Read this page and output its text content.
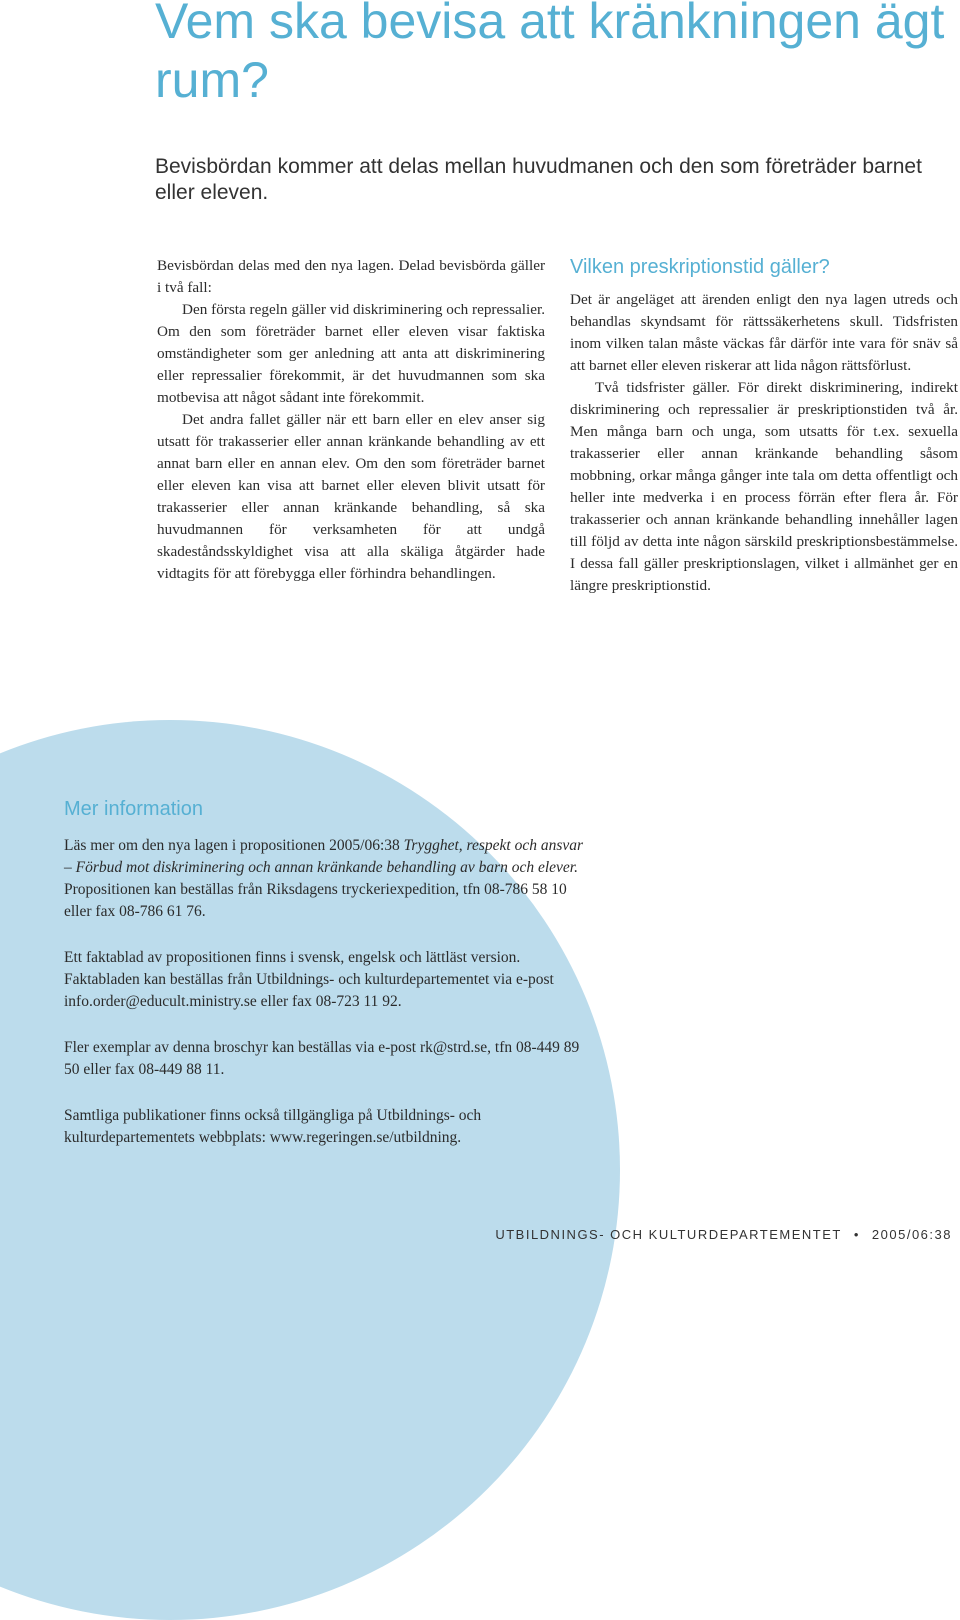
Vem ska bevisa att kränkningen ägt rum?

Bevisbördan kommer att delas mellan huvudmanen och den som företräder barnet eller eleven.

Bevisbördan delas med den nya lagen. Delad bevisbörda gäller i två fall:
Den första regeln gäller vid diskriminering och repressalier. Om den som företräder barnet eller eleven visar faktiska omständigheter som ger anledning att anta att diskriminering eller repressalier förekommit, är det huvudmannen som ska motbevisa att något sådant inte förekommit.

Det andra fallet gäller när ett barn eller en elev anser sig utsatt för trakasserier eller annan kränkande behandling av ett annat barn eller en annan elev. Om den som företräder barnet eller eleven kan visa att barnet eller eleven blivit utsatt för trakasserier eller annan kränkande behandling, så ska huvudmannen för verksamheten för att undgå skadeståndsskyldighet visa att alla skäliga åtgärder hade vidtagits för att förebygga eller förhindra behandlingen.

Vilken preskriptionstid gäller?

Det är angeläget att ärenden enligt den nya lagen utreds och behandlas skyndsamt för rättssäkerhetens skull. Tidsfristen inom vilken talan måste väckas får därför inte vara för snäv så att barnet eller eleven riskerar att lida någon rättsförlust.

Två tidsfrister gäller. För direkt diskriminering, indirekt diskriminering och repressalier är preskriptionstiden två år. Men många barn och unga, som utsatts för t.ex. sexuella trakasserier eller annan kränkande behandling såsom mobbning, orkar många gånger inte tala om detta offentligt och heller inte medverka i en process förrän efter flera år. För trakasserier och annan kränkande behandling innehåller lagen till följd av detta inte någon särskild preskriptionsbestämmelse. I dessa fall gäller preskriptionslagen, vilket i allmänhet ger en längre preskriptionstid.

Mer information

Läs mer om den nya lagen i propositionen 2005/06:38 Trygghet, respekt och ansvar – Förbud mot diskriminering och annan kränkande behandling av barn och elever. Propositionen kan beställas från Riksdagens tryckeriexpedition, tfn 08-786 58 10 eller fax 08-786 61 76.

Ett faktablad av propositionen finns i svensk, engelsk och lättläst version. Faktabladen kan beställas från Utbildnings- och kulturdepartementet via e-post info.order@educult.ministry.se eller fax 08-723 11 92.

Fler exemplar av denna broschyr kan beställas via e-post rk@strd.se, tfn 08-449 89 50 eller fax 08-449 88 11.

Samtliga publikationer finns också tillgängliga på Utbildnings- och kulturdepartementets webbplats: www.regeringen.se/utbildning.

UTBILDNINGS- OCH KULTURDEPARTEMENTET • 2005/06:38
